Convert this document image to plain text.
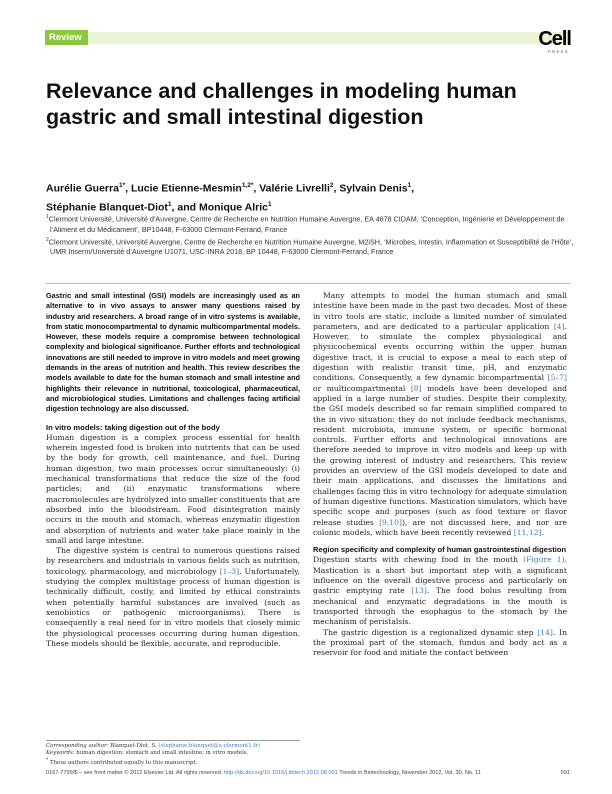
Review	Cell
PRESS
Relevance and challenges in modeling human gastric and small intestinal digestion
Aurélie Guerra$^{1*}$, Lucie Etienne-Mesmin$^{1,2*}$, Valérie Livrelli$^2$, Sylvain Denis$^1$,
Stéphanie Blanquet-Diot$^1$, and Monique Alric$^1$

$^1$Clermont Université, Université d’Auvergne, Centre de Recherche en Nutrition Humaine Auvergne, EA 4678 CIDAM, ‘Conception, Ingénierie et Développement de l’Aliment et du Médicament’, BP10448, F-63000 Clermont-Ferrand, France

$^2$Clermont Université, Université Auvergne, Centre de Recherche en Nutrition Humaine Auvergne, M2iSH, ‘Microbes, Intestin, Inflammation et Susceptibilité de l’Hôte’, UMR Inserm/Université d’Auvergne U1071, USC-INRA 2018, BP 10448, F-63000 Clermont-Ferrand, France

Gastric and small intestinal (GSI) models are increasingly used as an alternative to in vivo assays to answer many questions raised by industry and researchers. A broad range of in vitro systems is available, from static monocompartmental to dynamic multicompartmental models. However, these models require a compromise between technological complexity and biological significance. Further efforts and technological innovations are still needed to improve in vitro models and meet growing demands in the areas of nutrition and health. This review describes the models available to date for the human stomach and small intestine and highlights their relevance in nutritional, toxicological, pharmaceutical, and microbiological studies. Limitations and challenges facing artificial digestion technology are also discussed.

In vitro models: taking digestion out of the body

Human digestion is a complex process essential for health wherein ingested food is broken into nutrients that can be used by the body for growth, cell maintenance, and fuel. During human digestion, two main processes occur simultaneously: (i) mechanical transformations that reduce the size of the food particles; and (ii) enzymatic transformations where macromolecules are hydrolyzed into smaller constituents that are absorbed into the bloodstream. Food disintegration mainly occurs in the mouth and stomach, whereas enzymatic digestion and absorption of nutrients and water take place mainly in the small and large intestine.

The digestive system is central to numerous questions raised by researchers and industrials in various fields such as nutrition, toxicology, pharmacology, and microbiology [1–3]. Unfortunately, studying the complex multistage process of human digestion is technically difficult, costly, and limited by ethical constraints when potentially harmful substances are involved (such as xenobiotics or pathogenic microorganisms). There is consequently a real need for in vitro models that closely mimic the physiological processes occurring during human digestion. These models should be flexible, accurate, and reproducible.

Many attempts to model the human stomach and small intestine have been made in the past two decades. Most of these in vitro tools are static, include a limited number of simulated parameters, and are dedicated to a particular application [4]. However, to simulate the complex physiological and physicochemical events occurring within the upper human digestive tract, it is crucial to expose a meal to each step of digestion with realistic transit time, pH, and enzymatic conditions. Consequently, a few dynamic bicompartmental [5–7] or multicompartmental [8] models have been developed and applied in a large number of studies. Despite their complexity, the GSI models described so far remain simplified compared to the in vivo situation: they do not include feedback mechanisms, resident microbiota, immune system, or specific hormonal controls. Further efforts and technological innovations are therefore needed to improve in vitro models and keep up with the growing interest of industry and researchers. This review provides an overview of the GSI models developed to date and their main applications, and discusses the limitations and challenges facing this in vitro technology for adequate simulation of human digestive functions. Mastication simulators, which have specific scope and purposes (such as food texture or flavor release studies [9,10]), are not discussed here, and nor are colonic models, which have been recently reviewed [11,12].

Region specificity and complexity of human gastrointestinal digestion

Digestion starts with chewing food in the mouth (Figure 1). Mastication is a short but important step with a significant influence on the overall digestive process and particularly on gastric emptying rate [13]. The food bolus resulting from mechanical and enzymatic degradations in the mouth is transported through the esophagus to the stomach by the mechanism of peristalsis.

The gastric digestion is a regionalized dynamic step [14]. In the proximal part of the stomach, fundus and body act as a reservoir for food and initiate the contact between

Corresponding author: Blanquet-Diot, S. (stephanie.blanquet@u-clermont1.fr)
Keywords: human digestion; stomach and small intestine; in vitro models.
* These authors contributed equally to this manuscript.
0167-7799/$ – see front matter © 2012 Elsevier Ltd. All rights reserved. http://dx.doi.org/10.1016/j.tibtech.2012.08.001 Trends in Biotechnology, November 2012, Vol. 30, No. 11	591
